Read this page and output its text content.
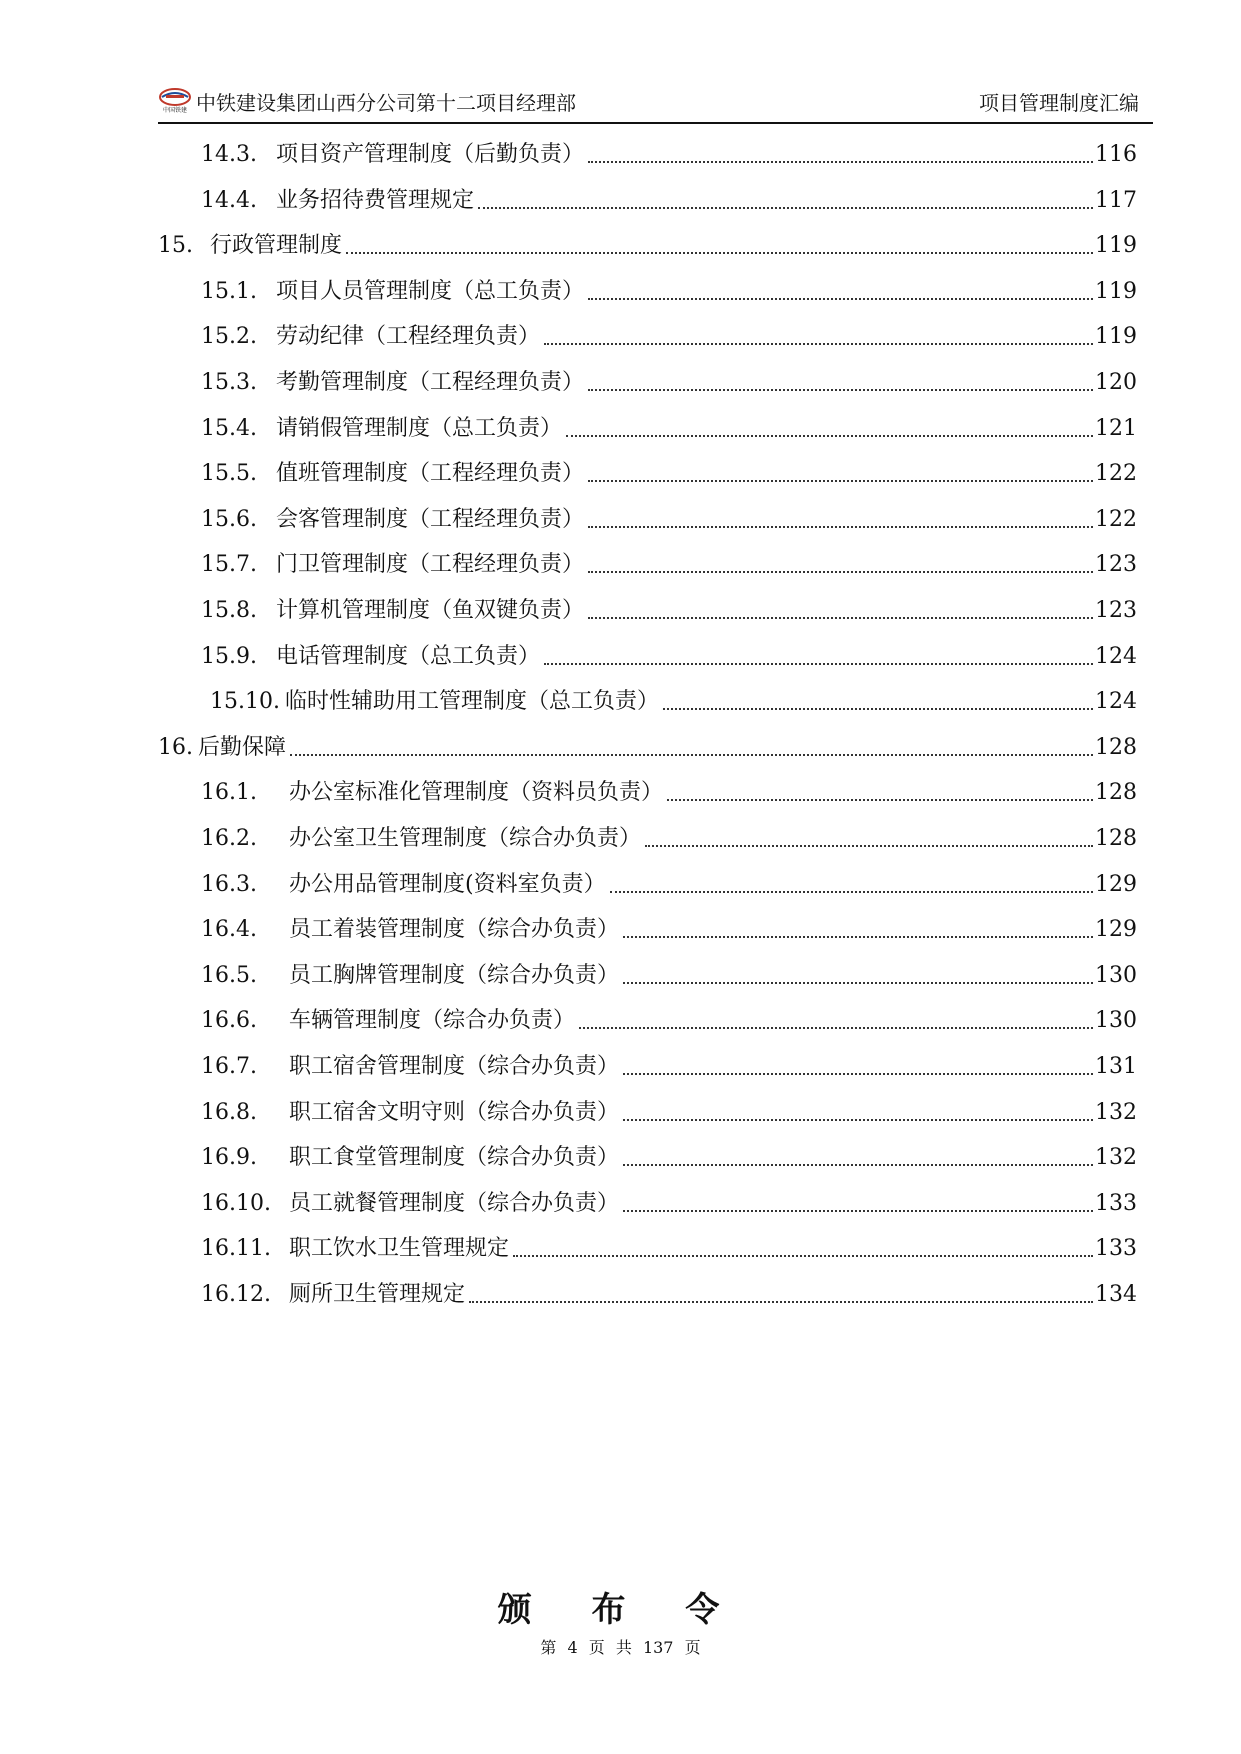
中国铁建 中铁建设集团山西分公司第十二项目经理部	项目管理制度汇编
14.3. 项目资产管理制度（后勤负责）	116
14.4. 业务招待费管理规定	117
15. 行政管理制度	119
15.1. 项目人员管理制度（总工负责）	119
15.2. 劳动纪律（工程经理负责）	119
15.3. 考勤管理制度（工程经理负责）	120
15.4. 请销假管理制度（总工负责）	121
15.5. 值班管理制度（工程经理负责）	122
15.6. 会客管理制度（工程经理负责）	122
15.7. 门卫管理制度（工程经理负责）	123
15.8. 计算机管理制度（鱼双键负责）	123
15.9. 电话管理制度（总工负责）	124
15.10. 临时性辅助用工管理制度（总工负责）	124
16. 后勤保障	128
16.1.	办公室标准化管理制度（资料员负责）	128
16.2.	办公室卫生管理制度（综合办负责）	128
16.3.	办公用品管理制度(资料室负责）	129
16.4.	员工着装管理制度（综合办负责）	129
16.5.	员工胸牌管理制度（综合办负责）	130
16.6.	车辆管理制度（综合办负责）	130
16.7.	职工宿舍管理制度（综合办负责）	131
16.8.	职工宿舍文明守则（综合办负责）	132
16.9.	职工食堂管理制度（综合办负责）	132
16.10. 员工就餐管理制度（综合办负责）	133
16.11. 职工饮水卫生管理规定	133
16.12. 厕所卫生管理规定	134
颁 布 令
第 4 页 共 137 页
